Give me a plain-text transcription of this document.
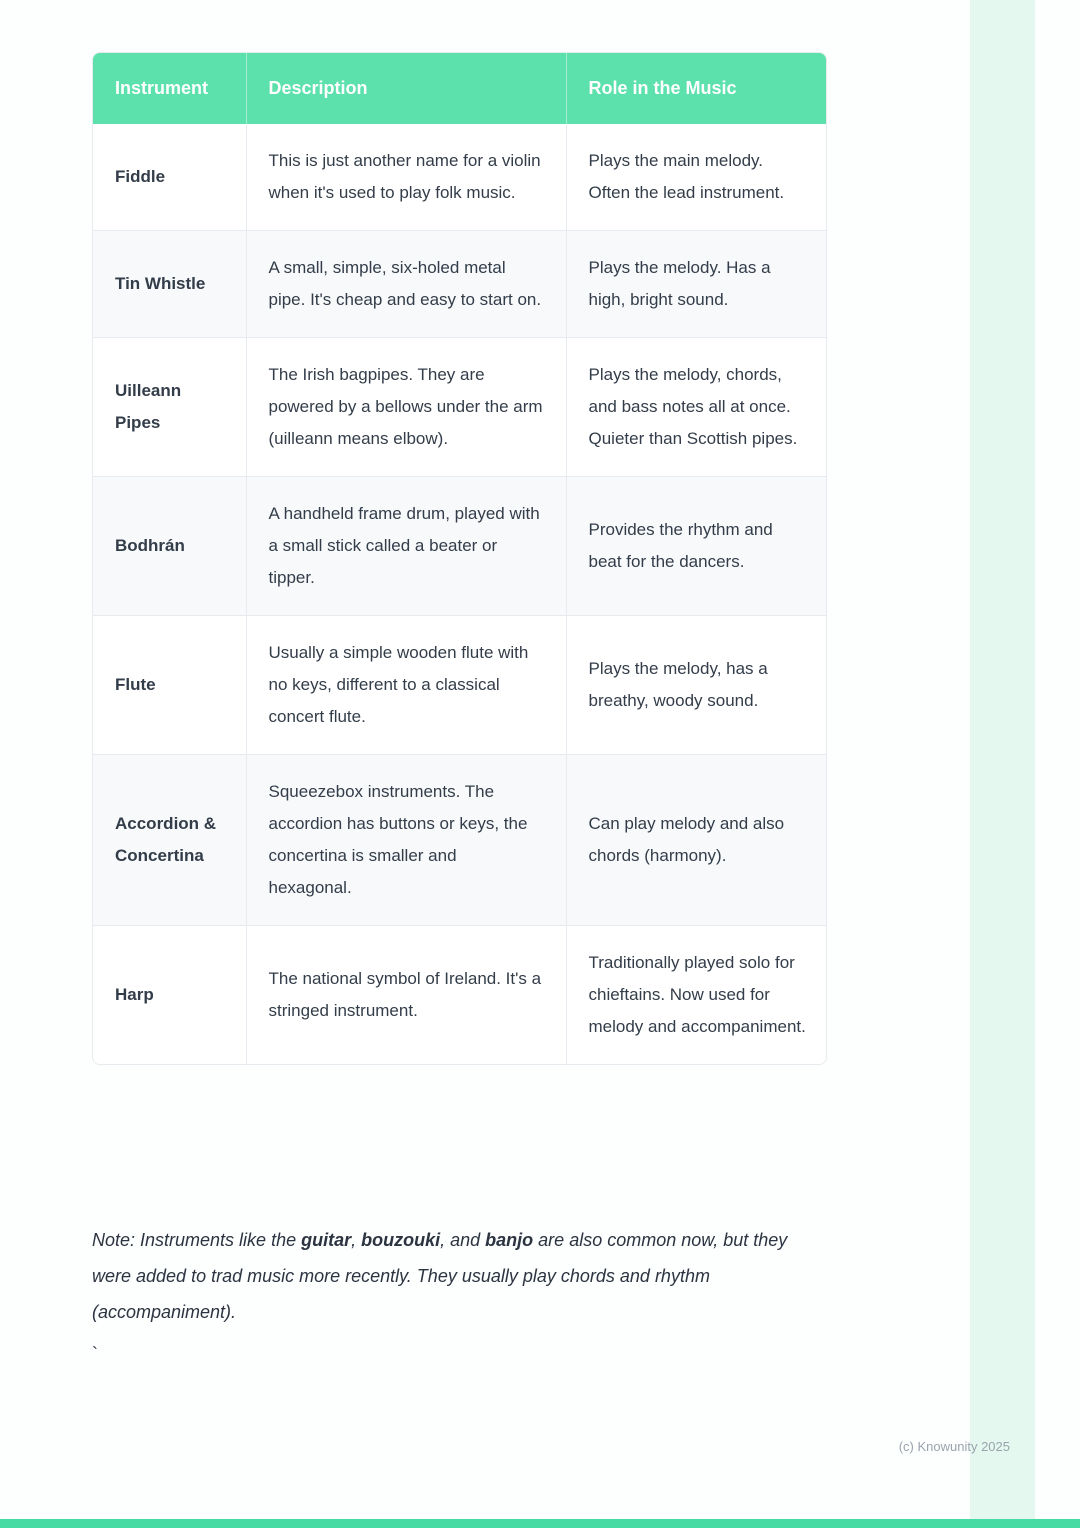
Instrument	Description	Role in the Music
Fiddle	This is just another name for a violin when it's used to play folk music.	Plays the main melody. Often the lead instrument.
Tin Whistle	A small, simple, six-holed metal pipe. It's cheap and easy to start on.	Plays the melody. Has a high, bright sound.
Uilleann Pipes	The Irish bagpipes. They are powered by a bellows under the arm (uilleann means elbow).	Plays the melody, chords, and bass notes all at once. Quieter than Scottish pipes.
Bodhrán	A handheld frame drum, played with a small stick called a beater or tipper.	Provides the rhythm and beat for the dancers.
Flute	Usually a simple wooden flute with no keys, different to a classical concert flute.	Plays the melody, has a breathy, woody sound.
Accordion & Concertina	Squeezebox instruments. The accordion has buttons or keys, the concertina is smaller and hexagonal.	Can play melody and also chords (harmony).
Harp	The national symbol of Ireland. It's a stringed instrument.	Traditionally played solo for chieftains. Now used for melody and accompaniment.

Note: Instruments like the guitar, bouzouki, and banjo are also common now, but they were added to trad music more recently. They usually play chords and rhythm (accompaniment).

`
(c) Knowunity 2025
